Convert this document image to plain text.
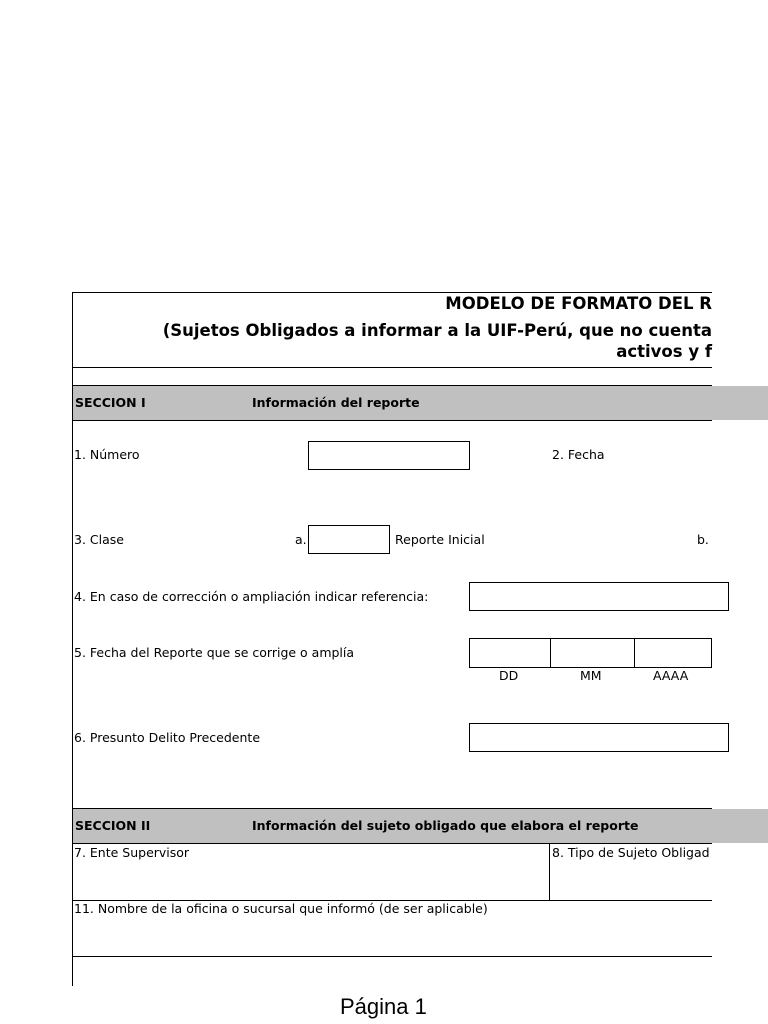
MODELO DE FORMATO DEL R
(Sujetos Obligados a informar a la UIF-Perú, que no cuenta
activos y f
SECCION I	Información del reporte
1. Número	2. Fecha
3. Clase	a.	Reporte Inicial	b.
4. En caso de corrección o ampliación indicar referencia:
5. Fecha del Reporte que se corrige o amplía
DD	MM	AAAA
6. Presunto Delito Precedente
SECCION II	Información del sujeto obligado que elabora el reporte
7. Ente Supervisor	8. Tipo de Sujeto Obligad
11. Nombre de la oficina o sucursal que informó (de ser aplicable)
Página 1
